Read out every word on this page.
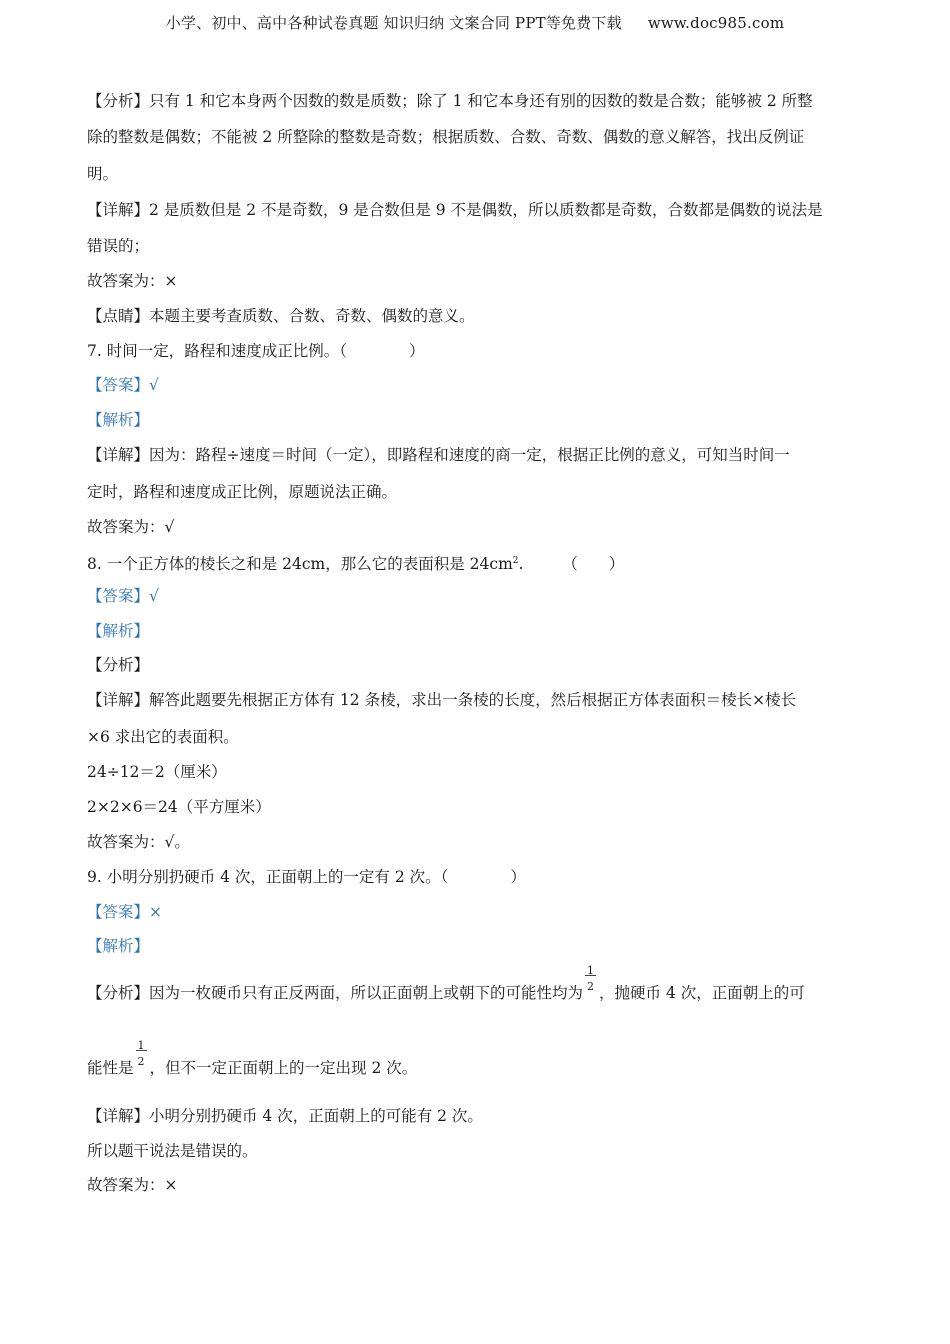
小学、初中、高中各种试卷真题 知识归纳 文案合同 PPT等免费下载 www.doc985.com
【分析】只有 1 和它本身两个因数的数是质数；除了 1 和它本身还有别的因数的数是合数；能够被 2 所整
除的整数是偶数；不能被 2 所整除的整数是奇数；根据质数、合数、奇数、偶数的意义解答，找出反例证
明。
【详解】2 是质数但是 2 不是奇数，9 是合数但是 9 不是偶数，所以质数都是奇数，合数都是偶数的说法是
错误的；
故答案为：×
【点睛】本题主要考查质数、合数、奇数、偶数的意义。
7. 时间一定，路程和速度成正比例。（　　　　）
【答案】√
【解析】
【详解】因为：路程÷速度＝时间（一定），即路程和速度的商一定，根据正比例的意义，可知当时间一
定时，路程和速度成正比例，原题说法正确。
故答案为：√
8. 一个正方体的棱长之和是 24cm，那么它的表面积是 $24cm^2$.　　　（　　）
【答案】√
【解析】
【分析】
【详解】解答此题要先根据正方体有 12 条棱，求出一条棱的长度，然后根据正方体表面积＝棱长×棱长
×6 求出它的表面积。
24÷12＝2（厘米）
2×2×6＝24（平方厘米）
故答案为：√。
9. 小明分别扔硬币 4 次，正面朝上的一定有 2 次。（　　　　）
【答案】×
【解析】
【分析】因为一枚硬币只有正反两面，所以正面朝上或朝下的可能性均为
1
2 ，抛硬币 4 次，正面朝上的可
能性是
1
2 ，但不一定正面朝上的一定出现 2 次。
【详解】小明分别扔硬币 4 次，正面朝上的可能有 2 次。
所以题干说法是错误的。
故答案为：×
